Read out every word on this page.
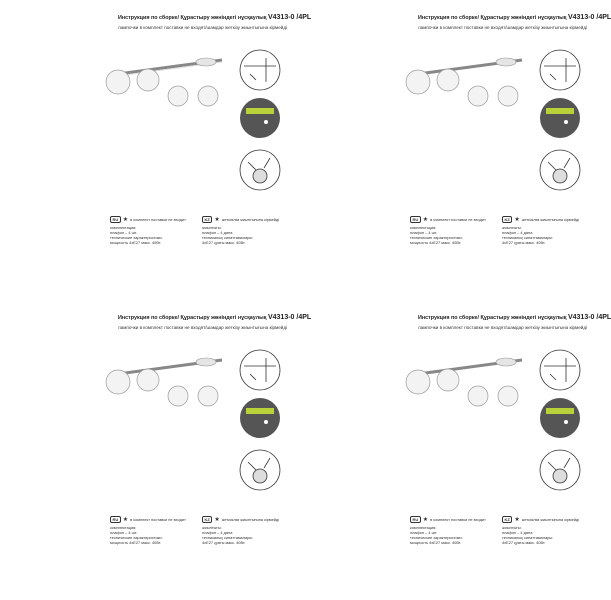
Инструкция по сборке/ Құрастыру жөніндегі нұсқаулық V4313-0 /4PL
лампочки в комплект поставки не входят/шамдар жеткізу жиынтығына кірмейді
RU ★ в комплект поставки не входит
комплектация:
плафон – 4 шт.
технические характеристики:
мощность 4xE27 макс. 40Вт.
KZ ★ жеткізілім жиынтығына кірмейді
жиынтығы:
плафон – 4 дана
техникалық сипаттамалары:
4xE27 қуаты макс. 40Вт.
Инструкция по сборке/ Құрастыру жөніндегі нұсқаулық V4313-0 /4PL
лампочки в комплект поставки не входят/шамдар жеткізу жиынтығына кірмейді
RU ★ в комплект поставки не входит
комплектация:
плафон – 4 шт.
технические характеристики:
мощность 4xE27 макс. 40Вт.
KZ ★ жеткізілім жиынтығына кірмейді
жиынтығы:
плафон – 4 дана
техникалық сипаттамалары:
4xE27 қуаты макс. 40Вт.
Инструкция по сборке/ Құрастыру жөніндегі нұсқаулық V4313-0 /4PL
лампочки в комплект поставки не входят/шамдар жеткізу жиынтығына кірмейді
RU ★ в комплект поставки не входит
комплектация:
плафон – 4 шт.
технические характеристики:
мощность 4xE27 макс. 40Вт.
KZ ★ жеткізілім жиынтығына кірмейді
жиынтығы:
плафон – 4 дана
техникалық сипаттамалары:
4xE27 қуаты макс. 40Вт.
Инструкция по сборке/ Құрастыру жөніндегі нұсқаулық V4313-0 /4PL
лампочки в комплект поставки не входят/шамдар жеткізу жиынтығына кірмейді
RU ★ в комплект поставки не входит
комплектация:
плафон – 4 шт.
технические характеристики:
мощность 4xE27 макс. 40Вт.
KZ ★ жеткізілім жиынтығына кірмейді
жиынтығы:
плафон – 4 дана
техникалық сипаттамалары:
4xE27 қуаты макс. 40Вт.
